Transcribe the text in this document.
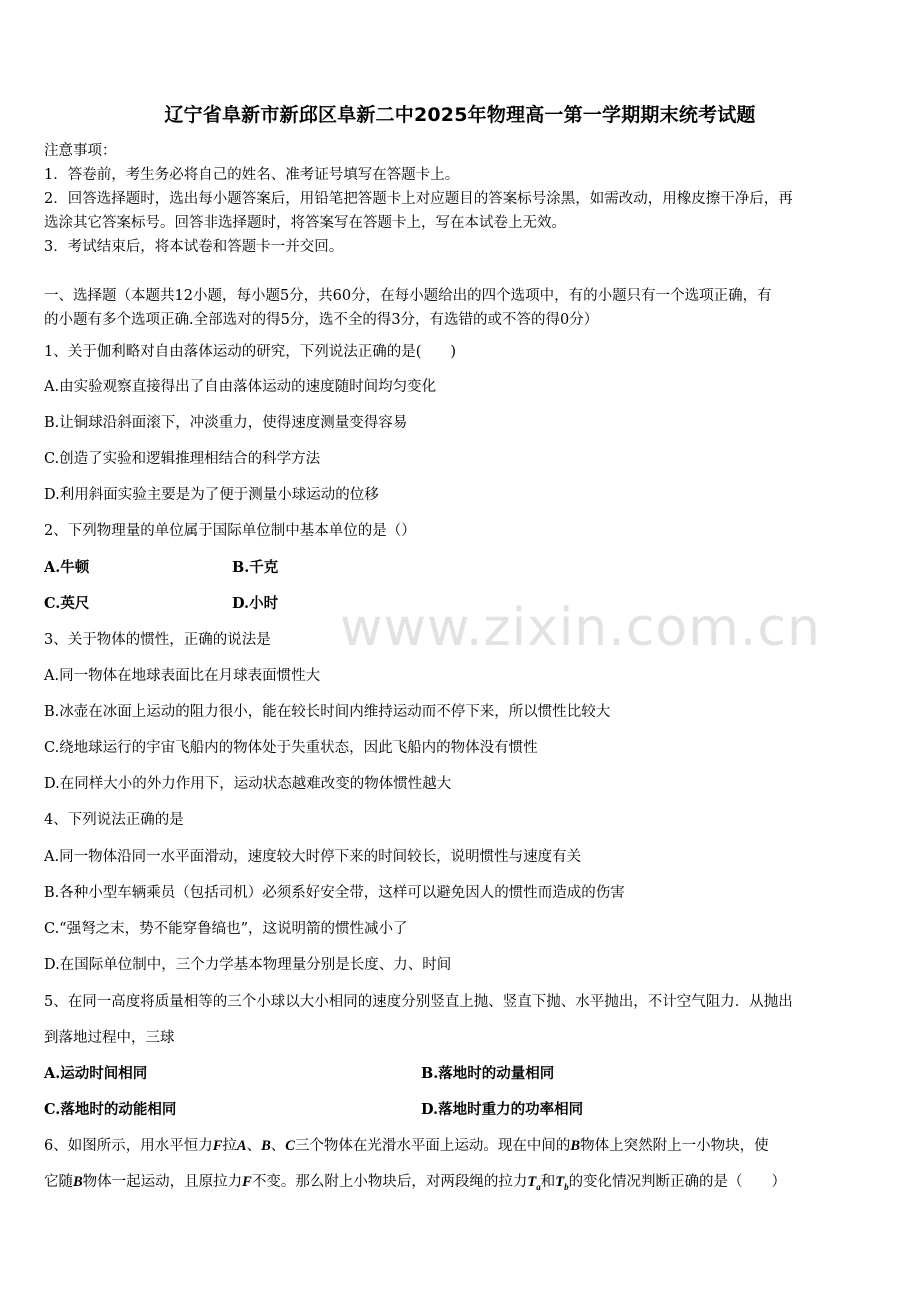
辽宁省阜新市新邱区阜新二中2025年物理高一第一学期期末统考试题
注意事项：
1．答卷前，考生务必将自己的姓名、准考证号填写在答题卡上。
2．回答选择题时，选出每小题答案后，用铅笔把答题卡上对应题目的答案标号涂黑，如需改动，用橡皮擦干净后，再
选涂其它答案标号。回答非选择题时，将答案写在答题卡上，写在本试卷上无效。
3．考试结束后，将本试卷和答题卡一并交回。
一、选择题（本题共12小题，每小题5分，共60分，在每小题给出的四个选项中，有的小题只有一个选项正确，有
的小题有多个选项正确.全部选对的得5分，选不全的得3分，有选错的或不答的得0分）
1、关于伽利略对自由落体运动的研究，下列说法正确的是(　　)
A.由实验观察直接得出了自由落体运动的速度随时间均匀变化
B.让铜球沿斜面滚下，冲淡重力，使得速度测量变得容易
C.创造了实验和逻辑推理相结合的科学方法
D.利用斜面实验主要是为了便于测量小球运动的位移
2、下列物理量的单位属于国际单位制中基本单位的是（）
A.牛顿	B.千克
C.英尺	D.小时
3、关于物体的惯性，正确的说法是
A.同一物体在地球表面比在月球表面惯性大
B.冰壶在冰面上运动的阻力很小，能在较长时间内维持运动而不停下来，所以惯性比较大
C.绕地球运行的宇宙飞船内的物体处于失重状态，因此飞船内的物体没有惯性
D.在同样大小的外力作用下，运动状态越难改变的物体惯性越大
4、下列说法正确的是
A.同一物体沿同一水平面滑动，速度较大时停下来的时间较长，说明惯性与速度有关
B.各种小型车辆乘员（包括司机）必须系好安全带，这样可以避免因人的惯性而造成的伤害
C.“强弩之末，势不能穿鲁缟也”，这说明箭的惯性减小了
D.在国际单位制中，三个力学基本物理量分别是长度、力、时间
5、在同一高度将质量相等的三个小球以大小相同的速度分别竖直上抛、竖直下抛、水平抛出，不计空气阻力．从抛出
到落地过程中，三球
A.运动时间相同	B.落地时的动量相同
C.落地时的动能相同	D.落地时重力的功率相同
6、如图所示，用水平恒力F拉A、B、C三个物体在光滑水平面上运动。现在中间的B物体上突然附上一小物块，使
它随B物体一起运动，且原拉力F不变。那么附上小物块后，对两段绳的拉力$T_a$和$T_b$的变化情况判断正确的是（　　）
www.zixin.com.cn
